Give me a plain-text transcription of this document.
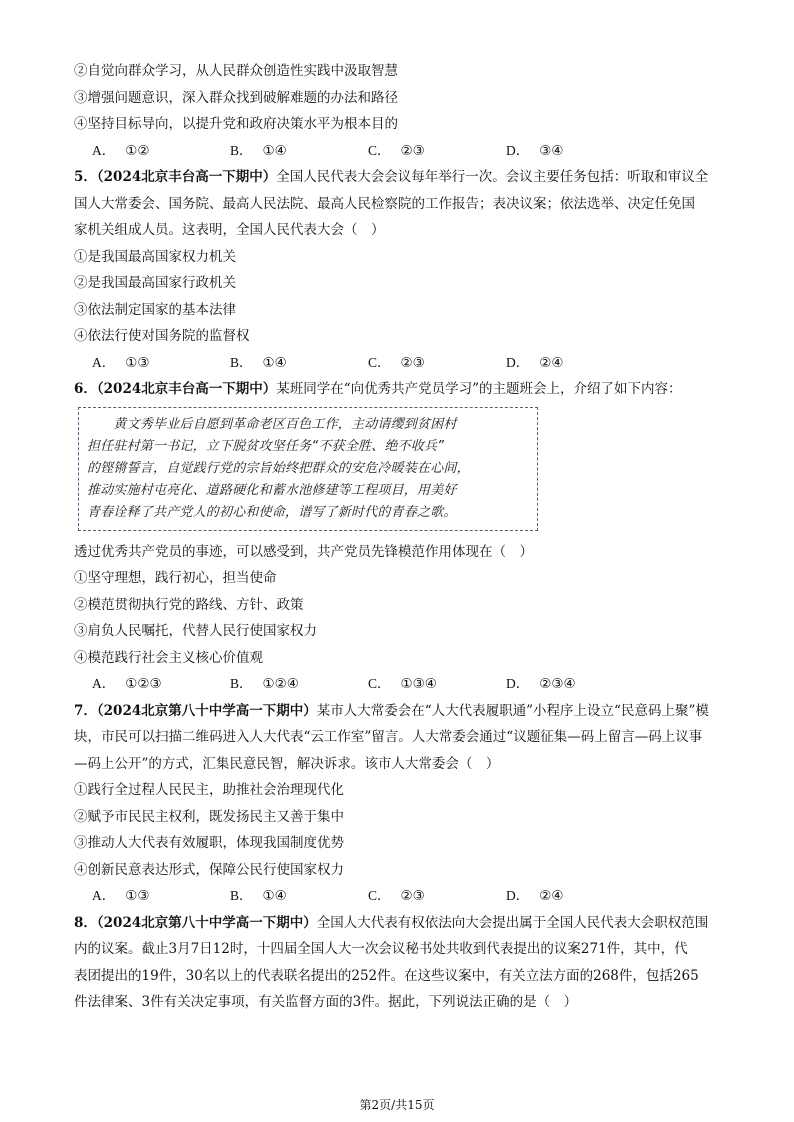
②自觉向群众学习，从人民群众创造性实践中汲取智慧
③增强问题意识，深入群众找到破解难题的办法和路径
④坚持目标导向，以提升党和政府决策水平为根本目的
A． ①②	B． ①④	C． ②③	D． ③④
5．（2024北京丰台高一下期中）全国人民代表大会会议每年举行一次。会议主要任务包括：听取和审议全
国人大常委会、国务院、最高人民法院、最高人民检察院的工作报告；表决议案；依法选举、决定任免国
家机关组成人员。这表明，全国人民代表大会（　）
①是我国最高国家权力机关
②是我国最高国家行政机关
③依法制定国家的基本法律
④依法行使对国务院的监督权
A． ①③	B． ①④	C． ②③	D． ②④
6．（2024北京丰台高一下期中）某班同学在“向优秀共产党员学习”的主题班会上，介绍了如下内容：
　　黄文秀毕业后自愿到革命老区百色工作，主动请缨到贫困村
担任驻村第一书记，立下脱贫攻坚任务“不获全胜、绝不收兵”
的铿锵誓言，自觉践行党的宗旨始终把群众的安危冷暖装在心间，
推动实施村屯亮化、道路硬化和蓄水池修建等工程项目，用美好
青春诠释了共产党人的初心和使命，谱写了新时代的青春之歌。
透过优秀共产党员的事迹，可以感受到，共产党员先锋模范作用体现在（　）
①坚守理想，践行初心，担当使命
②模范贯彻执行党的路线、方针、政策
③肩负人民嘱托，代替人民行使国家权力
④模范践行社会主义核心价值观
A． ①②③	B． ①②④	C． ①③④	D． ②③④
7．（2024北京第八十中学高一下期中）某市人大常委会在“人大代表履职通”小程序上设立“民意码上聚”模
块，市民可以扫描二维码进入人大代表“云工作室”留言。人大常委会通过“议题征集—码上留言—码上议事
—码上公开”的方式，汇集民意民智，解决诉求。该市人大常委会（　）
①践行全过程人民民主，助推社会治理现代化
②赋予市民民主权利，既发扬民主又善于集中
③推动人大代表有效履职，体现我国制度优势
④创新民意表达形式，保障公民行使国家权力
A． ①③	B． ①④	C． ②③	D． ②④
8．（2024北京第八十中学高一下期中）全国人大代表有权依法向大会提出属于全国人民代表大会职权范围
内的议案。截止3月7日12时，十四届全国人大一次会议秘书处共收到代表提出的议案271件，其中，代
表团提出的19件，30名以上的代表联名提出的252件。在这些议案中，有关立法方面的268件，包括265
件法律案、3件有关决定事项，有关监督方面的3件。据此，下列说法正确的是（　）
第2页/共15页
